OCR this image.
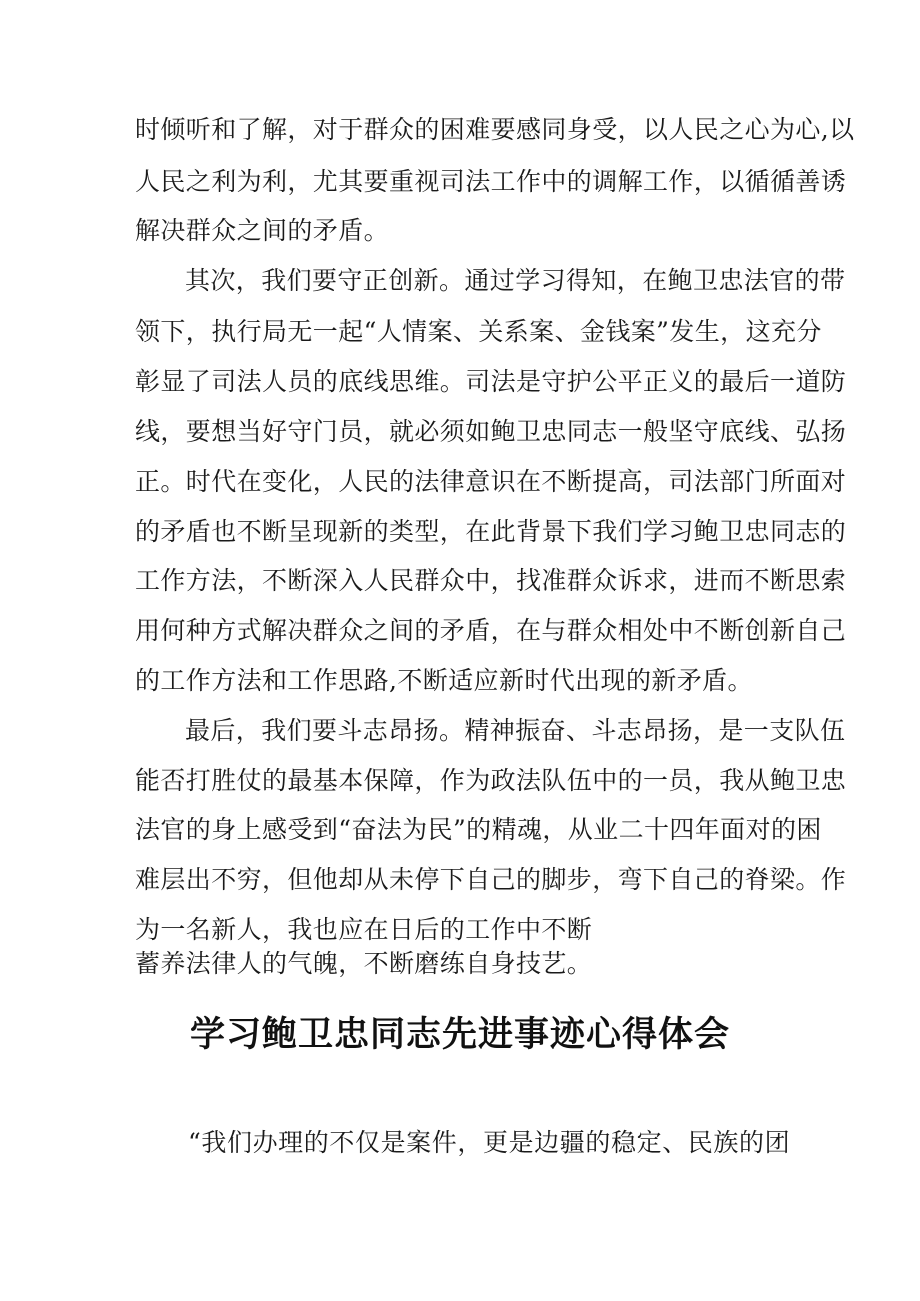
时倾听和了解，对于群众的困难要感同身受，以人民之心为心,以
人民之利为利，尤其要重视司法工作中的调解工作，以循循善诱
解决群众之间的矛盾。
其次，我们要守正创新。通过学习得知，在鲍卫忠法官的带
领下，执行局无一起“人情案、关系案、金钱案”发生，这充分
彰显了司法人员的底线思维。司法是守护公平正义的最后一道防
线，要想当好守门员，就必须如鲍卫忠同志一般坚守底线、弘扬
正。时代在变化，人民的法律意识在不断提高，司法部门所面对
的矛盾也不断呈现新的类型，在此背景下我们学习鲍卫忠同志的
工作方法，不断深入人民群众中，找准群众诉求，进而不断思索
用何种方式解决群众之间的矛盾，在与群众相处中不断创新自己
的工作方法和工作思路,不断适应新时代出现的新矛盾。
最后，我们要斗志昂扬。精神振奋、斗志昂扬，是一支队伍
能否打胜仗的最基本保障，作为政法队伍中的一员，我从鲍卫忠
法官的身上感受到“奋法为民”的精魂，从业二十四年面对的困
难层出不穷，但他却从未停下自己的脚步，弯下自己的脊梁。作
为一名新人，我也应在日后的工作中不断
蓄养法律人的气魄，不断磨练自身技艺。
学习鲍卫忠同志先进事迹心得体会
“我们办理的不仅是案件，更是边疆的稳定、民族的团
